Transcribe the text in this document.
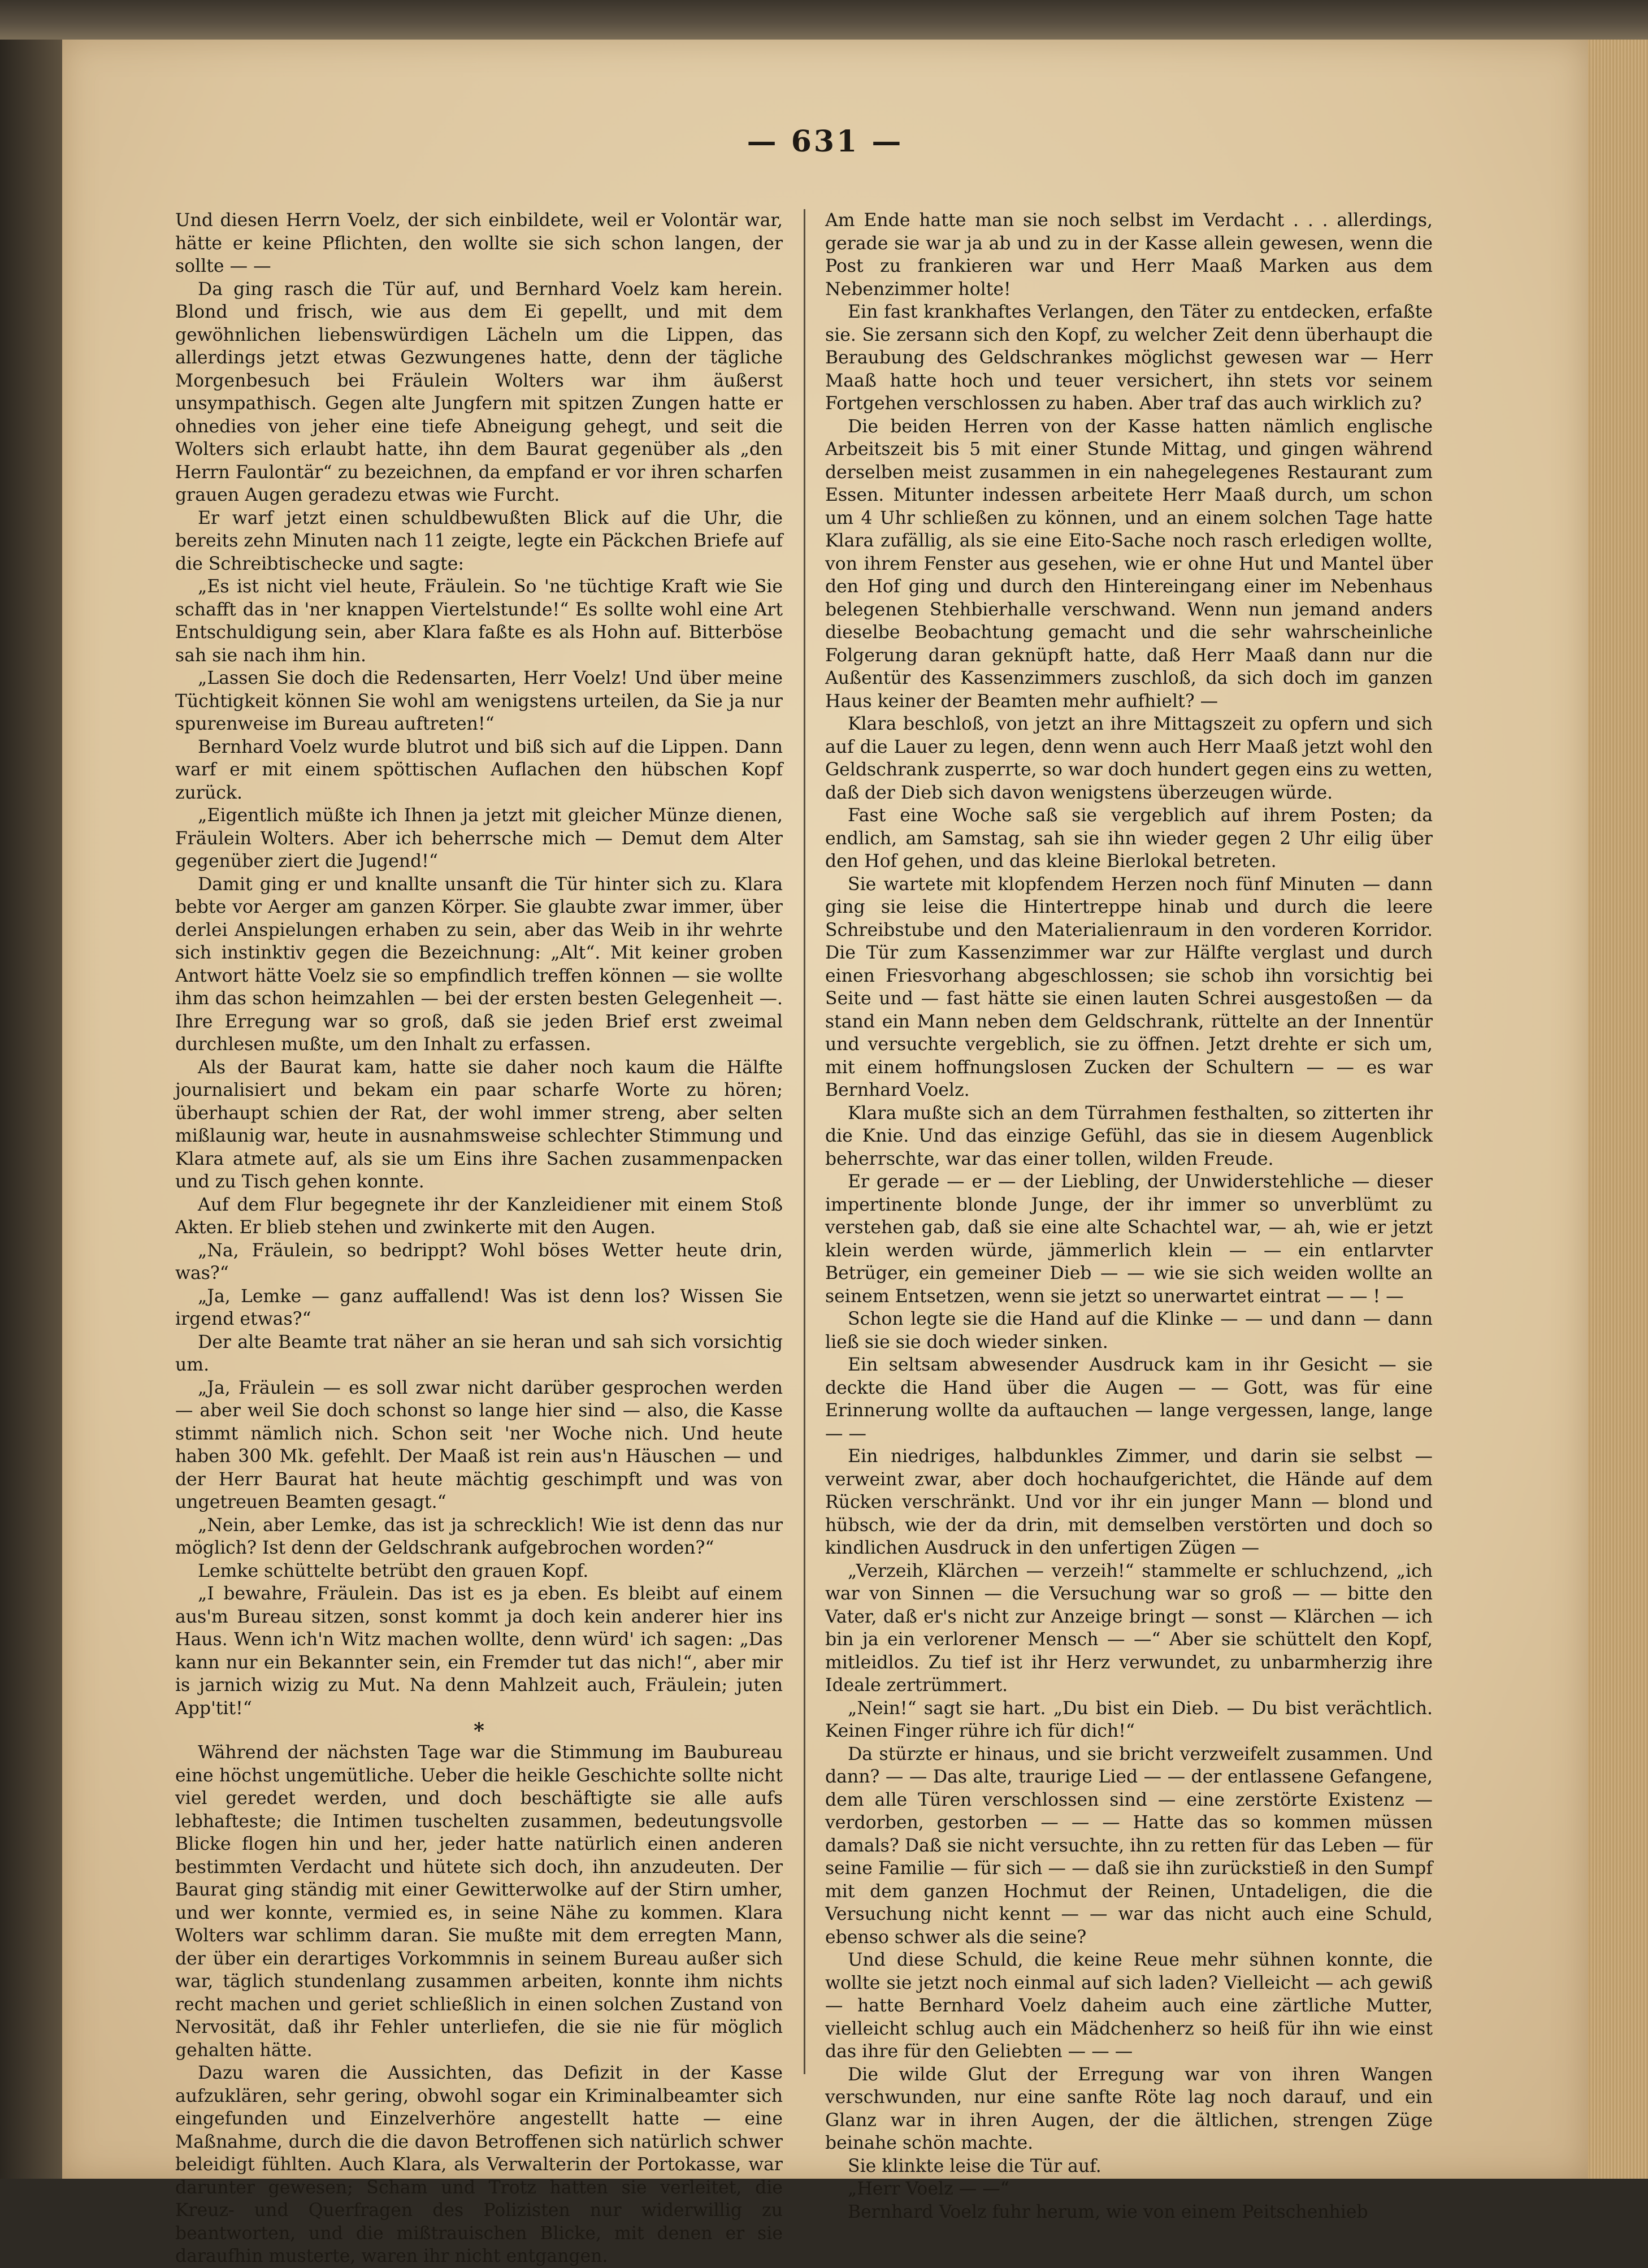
— 631 —

Und diesen Herrn Voelz, der sich einbildete, weil er Volontär war, hätte er keine Pflichten, den wollte sie sich schon langen, der sollte — —

Da ging rasch die Tür auf, und Bernhard Voelz kam herein. Blond und frisch, wie aus dem Ei gepellt, und mit dem gewöhnlichen liebenswürdigen Lächeln um die Lippen, das allerdings jetzt etwas Gezwungenes hatte, denn der tägliche Morgenbesuch bei Fräulein Wolters war ihm äußerst unsympathisch. Gegen alte Jungfern mit spitzen Zungen hatte er ohnedies von jeher eine tiefe Abneigung gehegt, und seit die Wolters sich erlaubt hatte, ihn dem Baurat gegenüber als „den Herrn Faulontär“ zu bezeichnen, da empfand er vor ihren scharfen grauen Augen geradezu etwas wie Furcht.

Er warf jetzt einen schuldbewußten Blick auf die Uhr, die bereits zehn Minuten nach 11 zeigte, legte ein Päckchen Briefe auf die Schreibtischecke und sagte:

„Es ist nicht viel heute, Fräulein. So 'ne tüchtige Kraft wie Sie schafft das in 'ner knappen Viertelstunde!“ Es sollte wohl eine Art Entschuldigung sein, aber Klara faßte es als Hohn auf. Bitterböse sah sie nach ihm hin.

„Lassen Sie doch die Redensarten, Herr Voelz! Und über meine Tüchtigkeit können Sie wohl am wenigstens urteilen, da Sie ja nur spurenweise im Bureau auftreten!“

Bernhard Voelz wurde blutrot und biß sich auf die Lippen. Dann warf er mit einem spöttischen Auflachen den hübschen Kopf zurück.

„Eigentlich müßte ich Ihnen ja jetzt mit gleicher Münze dienen, Fräulein Wolters. Aber ich beherrsche mich — Demut dem Alter gegenüber ziert die Jugend!“

Damit ging er und knallte unsanft die Tür hinter sich zu. Klara bebte vor Aerger am ganzen Körper. Sie glaubte zwar immer, über derlei Anspielungen erhaben zu sein, aber das Weib in ihr wehrte sich instinktiv gegen die Bezeichnung: „Alt“. Mit keiner groben Antwort hätte Voelz sie so empfindlich treffen können — sie wollte ihm das schon heimzahlen — bei der ersten besten Gelegenheit —. Ihre Erregung war so groß, daß sie jeden Brief erst zweimal durchlesen mußte, um den Inhalt zu erfassen.

Als der Baurat kam, hatte sie daher noch kaum die Hälfte journalisiert und bekam ein paar scharfe Worte zu hören; überhaupt schien der Rat, der wohl immer streng, aber selten mißlaunig war, heute in ausnahmsweise schlechter Stimmung und Klara atmete auf, als sie um Eins ihre Sachen zusammenpacken und zu Tisch gehen konnte.

Auf dem Flur begegnete ihr der Kanzleidiener mit einem Stoß Akten. Er blieb stehen und zwinkerte mit den Augen.

„Na, Fräulein, so bedrippt? Wohl böses Wetter heute drin, was?“

„Ja, Lemke — ganz auffallend! Was ist denn los? Wissen Sie irgend etwas?“

Der alte Beamte trat näher an sie heran und sah sich vorsichtig um.

„Ja, Fräulein — es soll zwar nicht darüber gesprochen werden — aber weil Sie doch schonst so lange hier sind — also, die Kasse stimmt nämlich nich. Schon seit 'ner Woche nich. Und heute haben 300 Mk. gefehlt. Der Maaß ist rein aus'n Häuschen — und der Herr Baurat hat heute mächtig geschimpft und was von ungetreuen Beamten gesagt.“

„Nein, aber Lemke, das ist ja schrecklich! Wie ist denn das nur möglich? Ist denn der Geldschrank aufgebrochen worden?“

Lemke schüttelte betrübt den grauen Kopf.

„I bewahre, Fräulein. Das ist es ja eben. Es bleibt auf einem aus'm Bureau sitzen, sonst kommt ja doch kein anderer hier ins Haus. Wenn ich'n Witz machen wollte, denn würd' ich sagen: „Das kann nur ein Bekannter sein, ein Fremder tut das nich!“, aber mir is jarnich wizig zu Mut. Na denn Mahlzeit auch, Fräulein; juten App'tit!“

*

Während der nächsten Tage war die Stimmung im Baubureau eine höchst ungemütliche. Ueber die heikle Geschichte sollte nicht viel geredet werden, und doch beschäftigte sie alle aufs lebhafteste; die Intimen tuschelten zusammen, bedeutungsvolle Blicke flogen hin und her, jeder hatte natürlich einen anderen bestimmten Verdacht und hütete sich doch, ihn anzudeuten. Der Baurat ging ständig mit einer Gewitterwolke auf der Stirn umher, und wer konnte, vermied es, in seine Nähe zu kommen. Klara Wolters war schlimm daran. Sie mußte mit dem erregten Mann, der über ein derartiges Vorkommnis in seinem Bureau außer sich war, täglich stundenlang zusammen arbeiten, konnte ihm nichts recht machen und geriet schließlich in einen solchen Zustand von Nervosität, daß ihr Fehler unterliefen, die sie nie für möglich gehalten hätte.

Dazu waren die Aussichten, das Defizit in der Kasse aufzuklären, sehr gering, obwohl sogar ein Kriminalbeamter sich eingefunden und Einzelverhöre angestellt hatte — eine Maßnahme, durch die die davon Betroffenen sich natürlich schwer beleidigt fühlten. Auch Klara, als Verwalterin der Portokasse, war darunter gewesen; Scham und Trotz hatten sie verleitet, die Kreuz- und Querfragen des Polizisten nur widerwillig zu beantworten, und die mißtrauischen Blicke, mit denen er sie daraufhin musterte, waren ihr nicht entgangen.

Am Ende hatte man sie noch selbst im Verdacht . . . allerdings, gerade sie war ja ab und zu in der Kasse allein gewesen, wenn die Post zu frankieren war und Herr Maaß Marken aus dem Nebenzimmer holte!

Ein fast krankhaftes Verlangen, den Täter zu entdecken, erfaßte sie. Sie zersann sich den Kopf, zu welcher Zeit denn überhaupt die Beraubung des Geldschrankes möglichst gewesen war — Herr Maaß hatte hoch und teuer versichert, ihn stets vor seinem Fortgehen verschlossen zu haben. Aber traf das auch wirklich zu?

Die beiden Herren von der Kasse hatten nämlich englische Arbeitszeit bis 5 mit einer Stunde Mittag, und gingen während derselben meist zusammen in ein nahegelegenes Restaurant zum Essen. Mitunter indessen arbeitete Herr Maaß durch, um schon um 4 Uhr schließen zu können, und an einem solchen Tage hatte Klara zufällig, als sie eine Eito-Sache noch rasch erledigen wollte, von ihrem Fenster aus gesehen, wie er ohne Hut und Mantel über den Hof ging und durch den Hintereingang einer im Nebenhaus belegenen Stehbierhalle verschwand. Wenn nun jemand anders dieselbe Beobachtung gemacht und die sehr wahrscheinliche Folgerung daran geknüpft hatte, daß Herr Maaß dann nur die Außentür des Kassenzimmers zuschloß, da sich doch im ganzen Haus keiner der Beamten mehr aufhielt? —

Klara beschloß, von jetzt an ihre Mittagszeit zu opfern und sich auf die Lauer zu legen, denn wenn auch Herr Maaß jetzt wohl den Geldschrank zusperrte, so war doch hundert gegen eins zu wetten, daß der Dieb sich davon wenigstens überzeugen würde.

Fast eine Woche saß sie vergeblich auf ihrem Posten; da endlich, am Samstag, sah sie ihn wieder gegen 2 Uhr eilig über den Hof gehen, und das kleine Bierlokal betreten.

Sie wartete mit klopfendem Herzen noch fünf Minuten — dann ging sie leise die Hintertreppe hinab und durch die leere Schreibstube und den Materialienraum in den vorderen Korridor. Die Tür zum Kassenzimmer war zur Hälfte verglast und durch einen Friesvorhang abgeschlossen; sie schob ihn vorsichtig bei Seite und — fast hätte sie einen lauten Schrei ausgestoßen — da stand ein Mann neben dem Geldschrank, rüttelte an der Innentür und versuchte vergeblich, sie zu öffnen. Jetzt drehte er sich um, mit einem hoffnungslosen Zucken der Schultern — — es war Bernhard Voelz.

Klara mußte sich an dem Türrahmen festhalten, so zitterten ihr die Knie. Und das einzige Gefühl, das sie in diesem Augenblick beherrschte, war das einer tollen, wilden Freude.

Er gerade — er — der Liebling, der Unwiderstehliche — dieser impertinente blonde Junge, der ihr immer so unverblümt zu verstehen gab, daß sie eine alte Schachtel war, — ah, wie er jetzt klein werden würde, jämmerlich klein — — ein entlarvter Betrüger, ein gemeiner Dieb — — wie sie sich weiden wollte an seinem Entsetzen, wenn sie jetzt so unerwartet eintrat — — ! —

Schon legte sie die Hand auf die Klinke — — und dann — dann ließ sie sie doch wieder sinken.

Ein seltsam abwesender Ausdruck kam in ihr Gesicht — sie deckte die Hand über die Augen — — Gott, was für eine Erinnerung wollte da auftauchen — lange vergessen, lange, lange — —

Ein niedriges, halbdunkles Zimmer, und darin sie selbst — verweint zwar, aber doch hochaufgerichtet, die Hände auf dem Rücken verschränkt. Und vor ihr ein junger Mann — blond und hübsch, wie der da drin, mit demselben verstörten und doch so kindlichen Ausdruck in den unfertigen Zügen —

„Verzeih, Klärchen — verzeih!“ stammelte er schluchzend, „ich war von Sinnen — die Versuchung war so groß — — bitte den Vater, daß er's nicht zur Anzeige bringt — sonst — Klärchen — ich bin ja ein verlorener Mensch — —“ Aber sie schüttelt den Kopf, mitleidlos. Zu tief ist ihr Herz verwundet, zu unbarmherzig ihre Ideale zertrümmert.

„Nein!“ sagt sie hart. „Du bist ein Dieb. — Du bist verächtlich. Keinen Finger rühre ich für dich!“

Da stürzte er hinaus, und sie bricht verzweifelt zusammen. Und dann? — — Das alte, traurige Lied — — der entlassene Gefangene, dem alle Türen verschlossen sind — eine zerstörte Existenz — verdorben, gestorben — — — Hatte das so kommen müssen damals? Daß sie nicht versuchte, ihn zu retten für das Leben — für seine Familie — für sich — — daß sie ihn zurückstieß in den Sumpf mit dem ganzen Hochmut der Reinen, Untadeligen, die die Versuchung nicht kennt — — war das nicht auch eine Schuld, ebenso schwer als die seine?

Und diese Schuld, die keine Reue mehr sühnen konnte, die wollte sie jetzt noch einmal auf sich laden? Vielleicht — ach gewiß — hatte Bernhard Voelz daheim auch eine zärtliche Mutter, vielleicht schlug auch ein Mädchenherz so heiß für ihn wie einst das ihre für den Geliebten — — —

Die wilde Glut der Erregung war von ihren Wangen verschwunden, nur eine sanfte Röte lag noch darauf, und ein Glanz war in ihren Augen, der die ältlichen, strengen Züge beinahe schön machte.

Sie klinkte leise die Tür auf.

„Herr Voelz — —“

Bernhard Voelz fuhr herum, wie von einem Peitschenhieb
